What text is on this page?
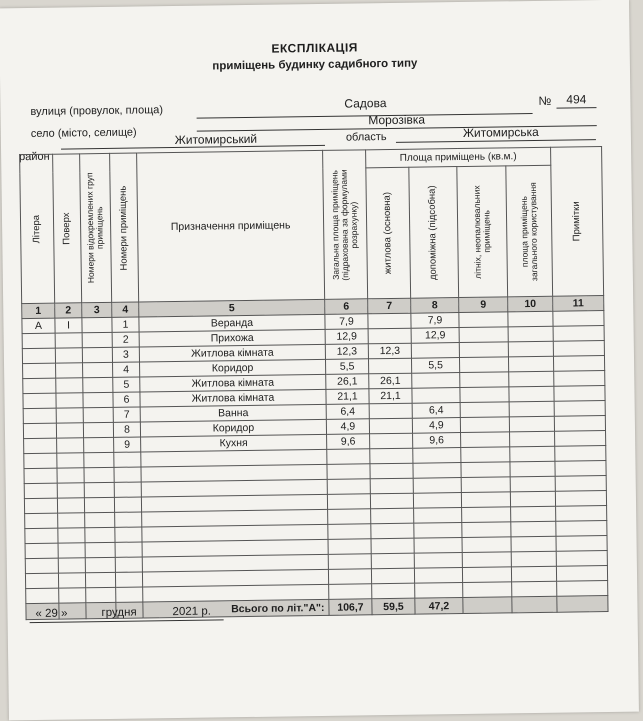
ЕКСПЛІКАЦІЯ
приміщень будинку садибного типу
вулиця (провулок, площа)
Садова	№	494
село (місто, селище)
Морозівка
район
Житомирський	область	Житомирська
Літера	Поверх	Номери відокремлених груп приміщень	Номери приміщень	Призначення приміщень	Загальна площа приміщень (підрахована за формулами розрахунку)	Площа приміщень (кв.м.)				Примітки

						житлова (основна)	допоміжна (підсобна)	літніх, неопалювальних приміщень	площа приміщень загального користування	

1	2	3	4	5	6	7	8	9	10	11
А	І		1	Веранда	7,9		7,9			
			2	Прихожа	12,9		12,9			
			3	Житлова кімната	12,3	12,3				
			4	Коридор	5,5		5,5			
			5	Житлова кімната	26,1	26,1				
			6	Житлова кімната	21,1	21,1				
			7	Ванна	6,4		6,4			
			8	Коридор	4,9		4,9			
			9	Кухня	9,6		9,6			

				Всього по літ."А":	106,7	59,5	47,2			
« 29 »	грудня	2021 р.
